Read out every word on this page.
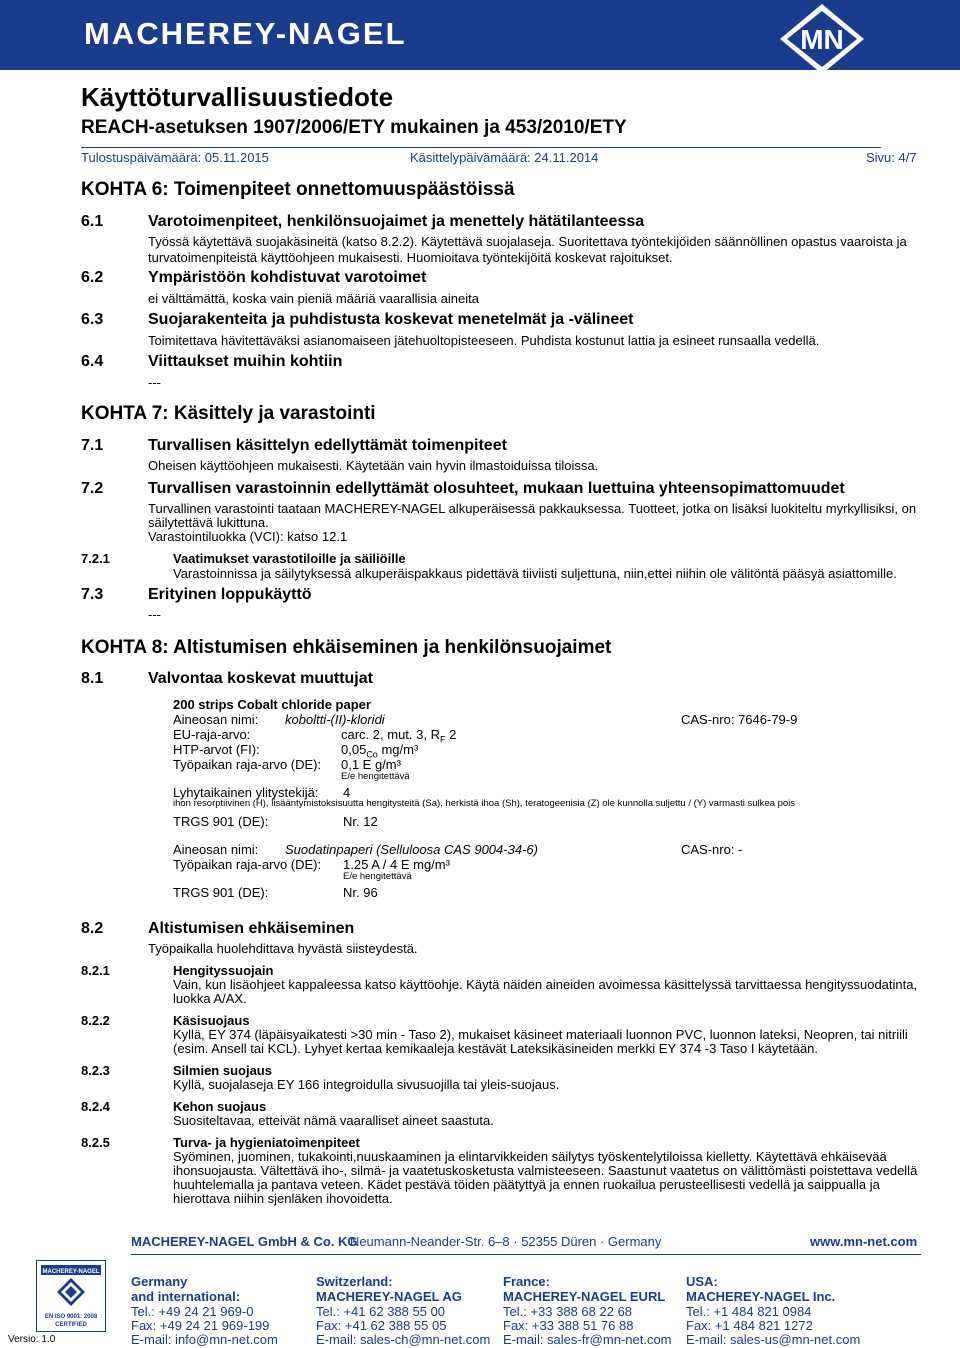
MACHEREY-NAGEL	MN
Käyttöturvallisuustiedote
REACH-asetuksen 1907/2006/ETY mukainen ja 453/2010/ETY
Tulostuspäivämäärä: 05.11.2015	Käsittelypäivämäärä: 24.11.2014	Sivu: 4/7
KOHTA 6: Toimenpiteet onnettomuuspäästöissä
6.1	Varotoimenpiteet, henkilönsuojaimet ja menettely hätätilanteessa
Työssä käytettävä suojakäsineitä (katso 8.2.2). Käytettävä suojalaseja. Suoritettava työntekijöiden säännöllinen opastus vaaroista ja
turvatoimenpiteistä käyttöohjeen mukaisesti. Huomioitava työntekijöitä koskevat rajoitukset.
6.2	Ympäristöön kohdistuvat varotoimet
ei välttämättä, koska vain pieniä määriä vaarallisia aineita
6.3	Suojarakenteita ja puhdistusta koskevat menetelmät ja -välineet
Toimitettava hävitettäväksi asianomaiseen jätehuoltopisteeseen. Puhdista kostunut lattia ja esineet runsaalla vedellä.
6.4	Viittaukset muihin kohtiin
---
KOHTA 7: Käsittely ja varastointi
7.1	Turvallisen käsittelyn edellyttämät toimenpiteet
Oheisen käyttöohjeen mukaisesti. Käytetään vain hyvin ilmastoiduissa tiloissa.
7.2	Turvallisen varastoinnin edellyttämät olosuhteet, mukaan luettuina yhteensopimattomuudet
Turvallinen varastointi taataan MACHEREY-NAGEL alkuperäisessä pakkauksessa. Tuotteet, jotka on lisäksi luokiteltu myrkyllisiksi, on
säilytettävä lukittuna.
Varastointiluokka (VCI): katso 12.1
7.2.1	Vaatimukset varastotiloille ja säiliöille
Varastoinnissa ja säilytyksessä alkuperäispakkaus pidettävä tiiviisti suljettuna, niin,ettei niihin ole välitöntä pääsyä asiattomille.
7.3	Erityinen loppukäyttö
---
KOHTA 8: Altistumisen ehkäiseminen ja henkilönsuojaimet
8.1	Valvontaa koskevat muuttujat
200 strips Cobalt chloride paper
Aineosan nimi: koboltti-(II)-kloridi	CAS-nro: 7646-79-9
EU-raja-arvo:	carc. 2, mut. 3, $R_F$ 2
HTP-arvot (FI):	$0,05_{Co}$ mg/m³
Työpaikan raja-arvo (DE): 0,1 E g/m³
E/e hengitettävä
Lyhytaikainen ylitystekijä: 4
ihon resorptiivinen (H), lisääntymistoksisuutta hengitysteitä (Sa), herkistä ihoa (Sh), teratogeenisia (Z) ole kunnolla suljettu / (Y) varmasti sulkea pois
TRGS 901 (DE):	Nr. 12
Aineosan nimi: Suodatinpaperi (Selluloosa CAS 9004-34-6)	CAS-nro: -
Työpaikan raja-arvo (DE): 1.25 A / 4 E mg/m³
E/e hengitettävä
TRGS 901 (DE):	Nr. 96
8.2	Altistumisen ehkäiseminen
Työpaikalla huolehdittava hyvästä siisteydestä.
8.2.1	Hengityssuojain
Vain, kun lisäohjeet kappaleessa katso käyttöohje. Käytä näiden aineiden avoimessa käsittelyssä tarvittaessa hengityssuodatinta,
luokka A/AX.
8.2.2	Käsisuojaus
Kyllä, EY 374 (läpäisyaikatesti >30 min - Taso 2), mukaiset käsineet materiaali luonnon PVC, luonnon lateksi, Neopren, tai nitriili
(esim. Ansell tai KCL). Lyhyet kertaa kemikaaleja kestävät Lateksikäsineiden merkki EY 374 -3 Taso I käytetään.
8.2.3	Silmien suojaus
Kyllä, suojalaseja EY 166 integroidulla sivusuojilla tai yleis-suojaus.
8.2.4	Kehon suojaus
Suositeltavaa, etteivät nämä vaaralliset aineet saastuta.
8.2.5	Turva- ja hygieniatoimenpiteet
Syöminen, juominen, tukakointi,nuuskaaminen ja elintarvikkeiden säilytys työskentelytiloissa kielletty. Käytettävä ehkäisevää
ihonsuojausta. Vältettävä iho-, silmä- ja vaatetuskosketusta valmisteeseen. Saastunut vaatetus on välittömästi poistettava vedellä
huuhtelemalla ja pantava veteen. Kädet pestävä töiden päätyttyä ja ennen ruokailua perusteellisesti vedellä ja saippualla ja
hierottava niihin sjenläken ihovoidetta.
MACHEREY-NAGEL GmbH & Co. KG
· Neumann-Neander-Str. 6–8 · 52355 Düren · Germany	www.mn-net.com
MACHEREY-NAGEL
EN ISO 9001: 2008
CERTIFIED
Versio: 1.0
Germany
and international:
Tel.: +49 24 21 969-0
Fax: +49 24 21 969-199
E-mail: info@mn-net.com
Switzerland:
MACHEREY-NAGEL AG
Tel.: +41 62 388 55 00
Fax: +41 62 388 55 05
E-mail: sales-ch@mn-net.com
France:
MACHEREY-NAGEL EURL
Tel.: +33 388 68 22 68
Fax: +33 388 51 76 88
E-mail: sales-fr@mn-net.com
USA:
MACHEREY-NAGEL Inc.
Tel.: +1 484 821 0984
Fax: +1 484 821 1272
E-mail: sales-us@mn-net.com
